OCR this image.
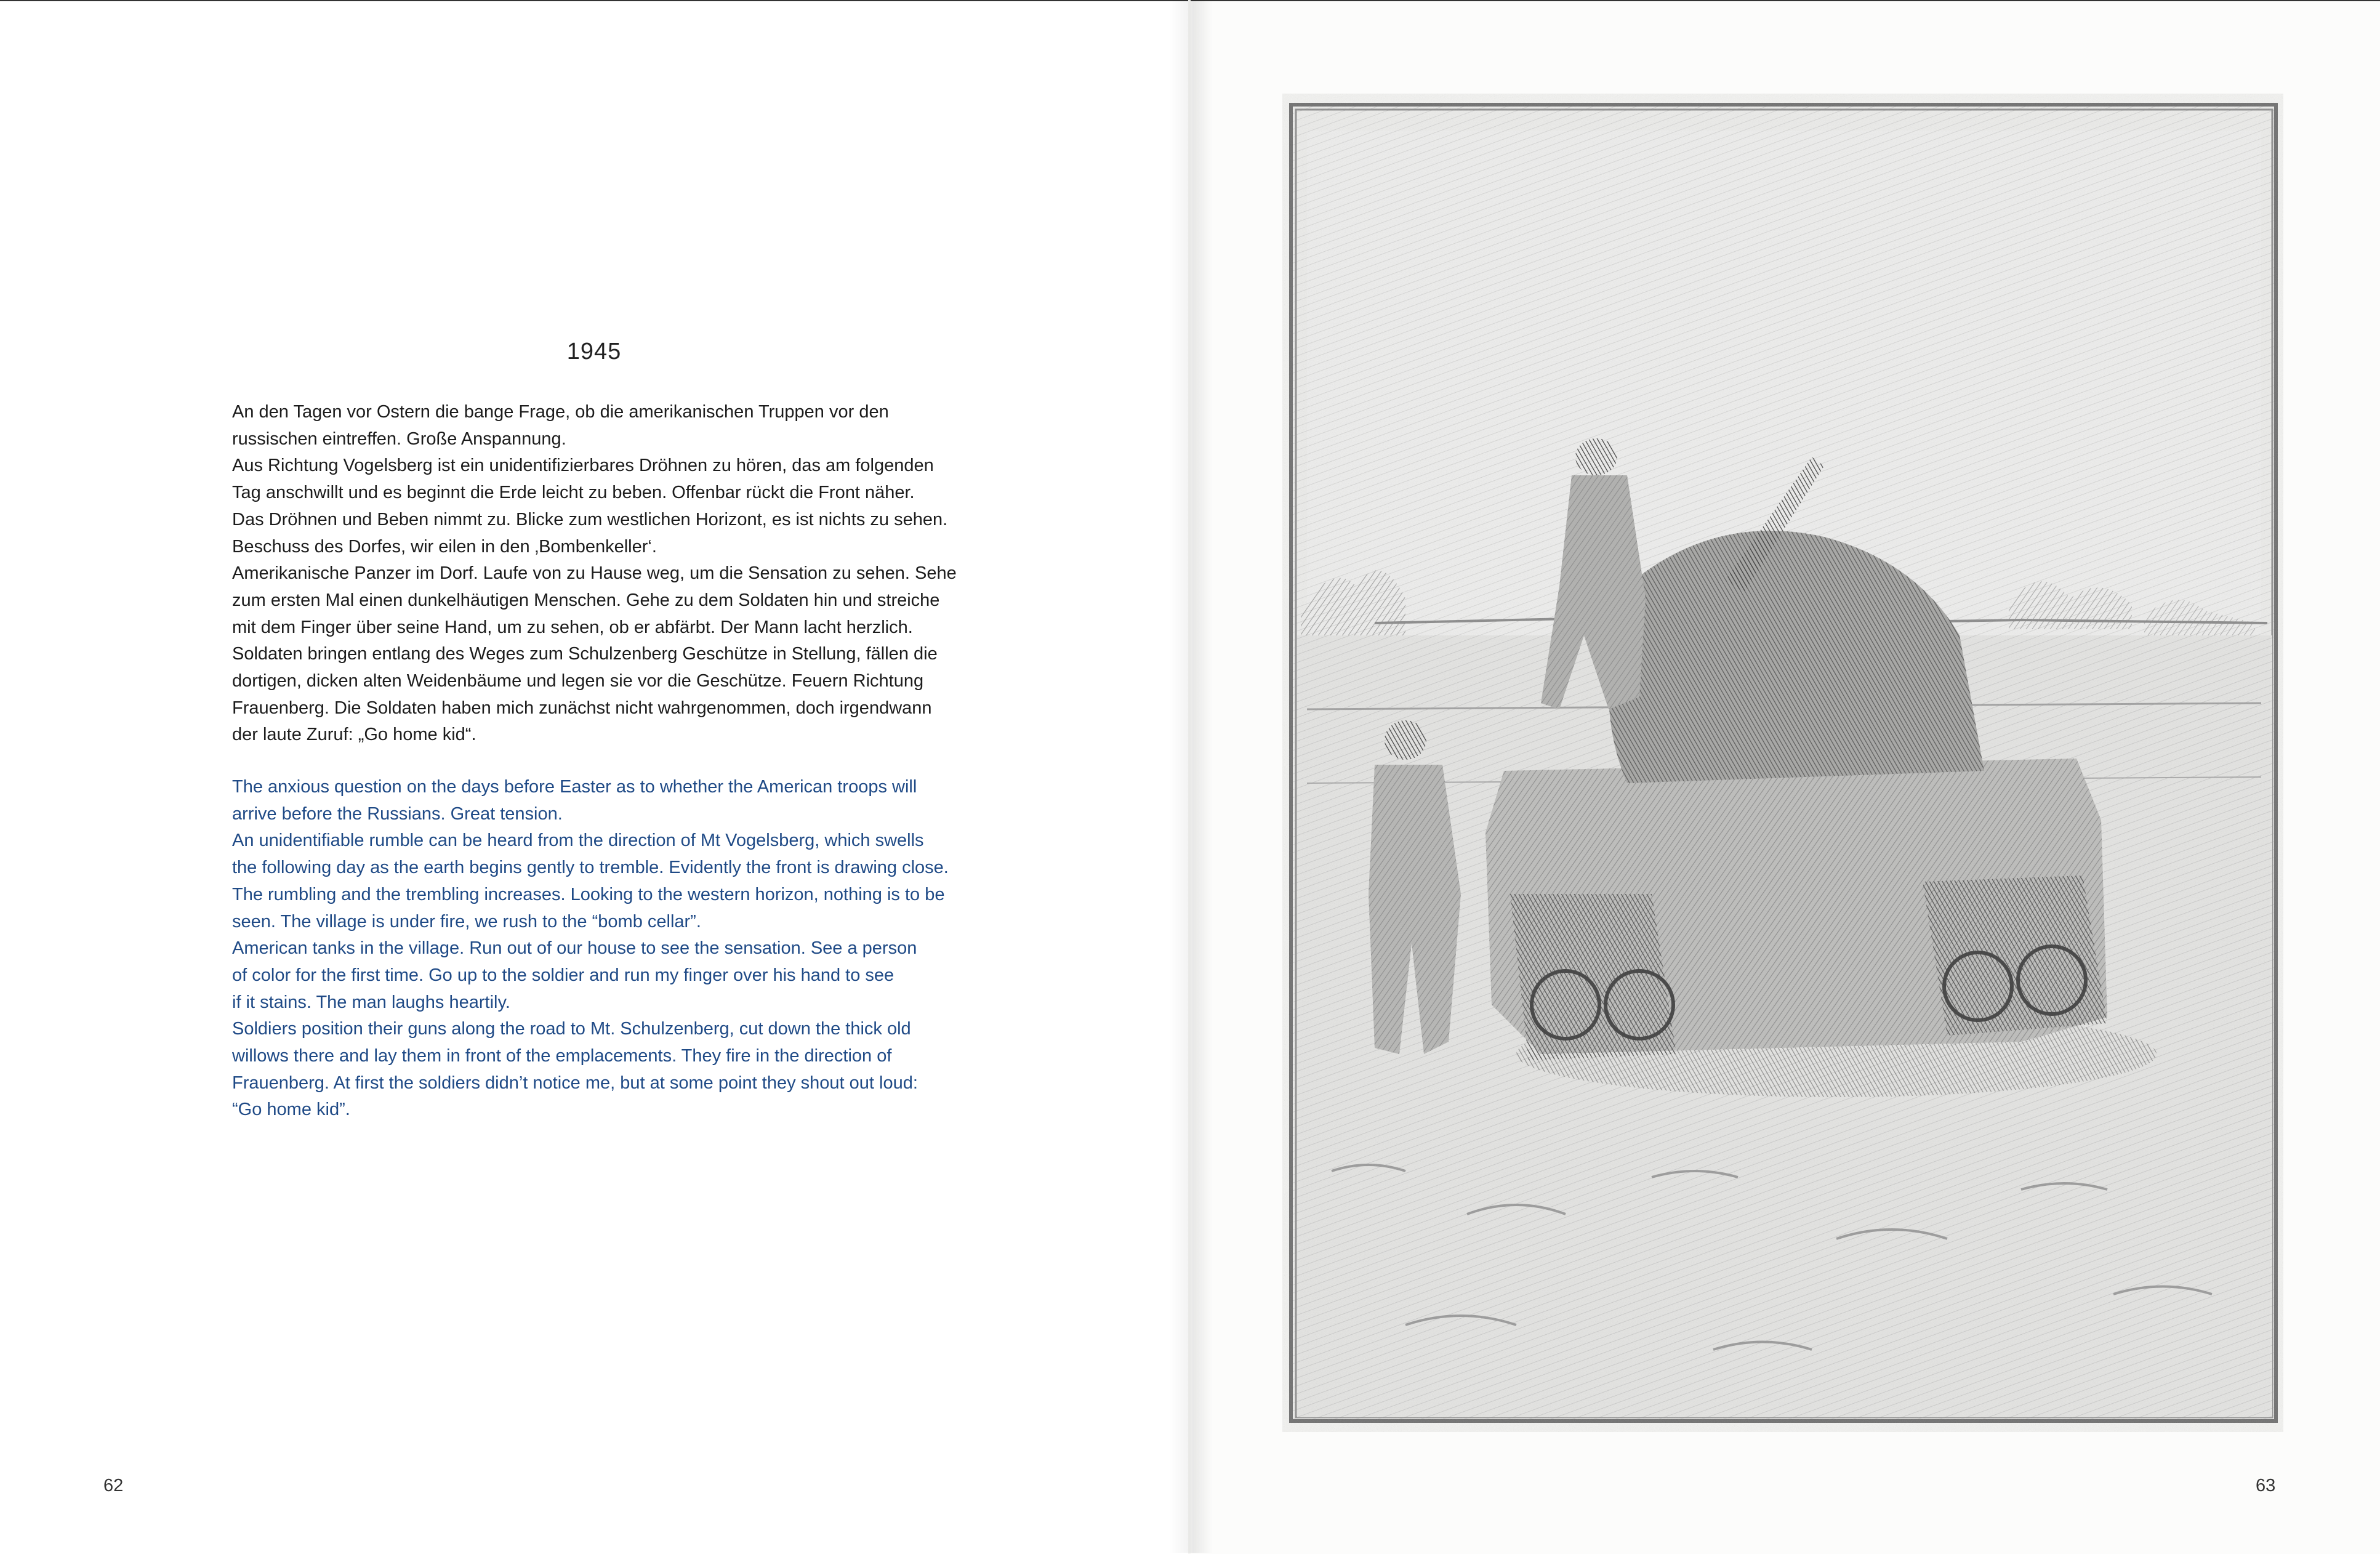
1945
An den Tagen vor Ostern die bange Frage, ob die amerikanischen Truppen vor den
russischen eintreffen. Große Anspannung.
Aus Richtung Vogelsberg ist ein unidentifizierbares Dröhnen zu hören, das am folgenden
Tag anschwillt und es beginnt die Erde leicht zu beben. Offenbar rückt die Front näher.
Das Dröhnen und Beben nimmt zu. Blicke zum westlichen Horizont, es ist nichts zu sehen.
Beschuss des Dorfes, wir eilen in den ‚Bombenkeller‘.
Amerikanische Panzer im Dorf. Laufe von zu Hause weg, um die Sensation zu sehen. Sehe
zum ersten Mal einen dunkelhäutigen Menschen. Gehe zu dem Soldaten hin und streiche
mit dem Finger über seine Hand, um zu sehen, ob er abfärbt. Der Mann lacht herzlich.
Soldaten bringen entlang des Weges zum Schulzenberg Geschütze in Stellung, fällen die
dortigen, dicken alten Weidenbäume und legen sie vor die Geschütze. Feuern Richtung
Frauenberg. Die Soldaten haben mich zunächst nicht wahrgenommen, doch irgendwann
der laute Zuruf: „Go home kid“.
The anxious question on the days before Easter as to whether the American troops will
arrive before the Russians. Great tension.
An unidentifiable rumble can be heard from the direction of Mt Vogelsberg, which swells
the following day as the earth begins gently to tremble. Evidently the front is drawing close.
The rumbling and the trembling increases. Looking to the western horizon, nothing is to be
seen. The village is under fire, we rush to the “bomb cellar”.
American tanks in the village. Run out of our house to see the sensation. See a person
of color for the first time. Go up to the soldier and run my finger over his hand to see
if it stains. The man laughs heartily.
Soldiers position their guns along the road to Mt. Schulzenberg, cut down the thick old
willows there and lay them in front of the emplacements. They fire in the direction of
Frauenberg. At first the soldiers didn’t notice me, but at some point they shout out loud:
“Go home kid”.
62	63
